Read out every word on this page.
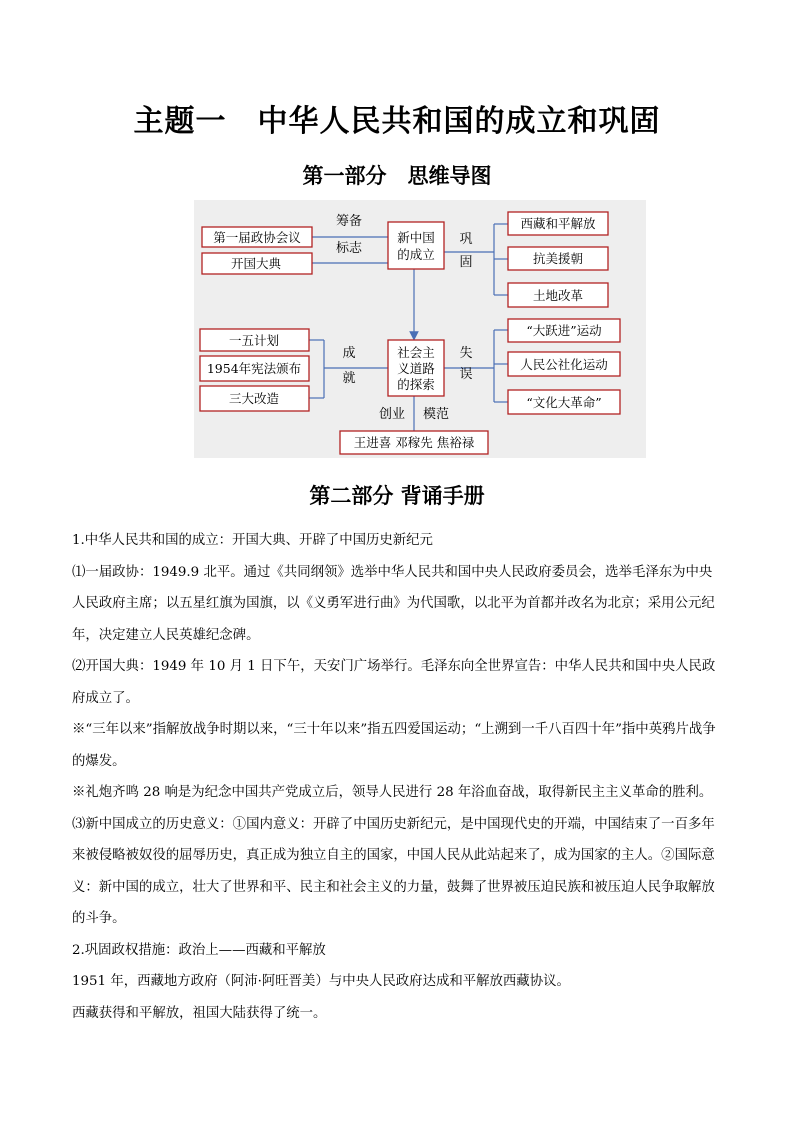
主题一　中华人民共和国的成立和巩固
第一部分　思维导图
第一届政协会议
开国大典
筹备
标志
新中国
的成立
巩
固
西藏和平解放
抗美援朝
土地改革
一五计划
1954年宪法颁布
三大改造
成
就
社会主
义道路
的探索
失
误
“大跃进”运动
人民公社化运动
“文化大革命”
创业 模范
王进喜 邓稼先 焦裕禄
第二部分 背诵手册

1.中华人民共和国的成立：开国大典、开辟了中国历史新纪元

⑴一届政协：1949.9 北平。通过《共同纲领》选举中华人民共和国中央人民政府委员会，选举毛泽东为中央人民政府主席；以五星红旗为国旗，以《义勇军进行曲》为代国歌，以北平为首都并改名为北京；采用公元纪年，决定建立人民英雄纪念碑。

⑵开国大典：1949 年 10 月 1 日下午，天安门广场举行。毛泽东向全世界宣告：中华人民共和国中央人民政府成立了。

※“三年以来”指解放战争时期以来，“三十年以来”指五四爱国运动；“上溯到一千八百四十年”指中英鸦片战争的爆发。

※礼炮齐鸣 28 响是为纪念中国共产党成立后，领导人民进行 28 年浴血奋战，取得新民主主义革命的胜利。

⑶新中国成立的历史意义：①国内意义：开辟了中国历史新纪元，是中国现代史的开端，中国结束了一百多年来被侵略被奴役的屈辱历史，真正成为独立自主的国家，中国人民从此站起来了，成为国家的主人。②国际意义：新中国的成立，壮大了世界和平、民主和社会主义的力量，鼓舞了世界被压迫民族和被压迫人民争取解放的斗争。

2.巩固政权措施：政治上——西藏和平解放

1951 年，西藏地方政府（阿沛·阿旺晋美）与中央人民政府达成和平解放西藏协议。

西藏获得和平解放，祖国大陆获得了统一。
